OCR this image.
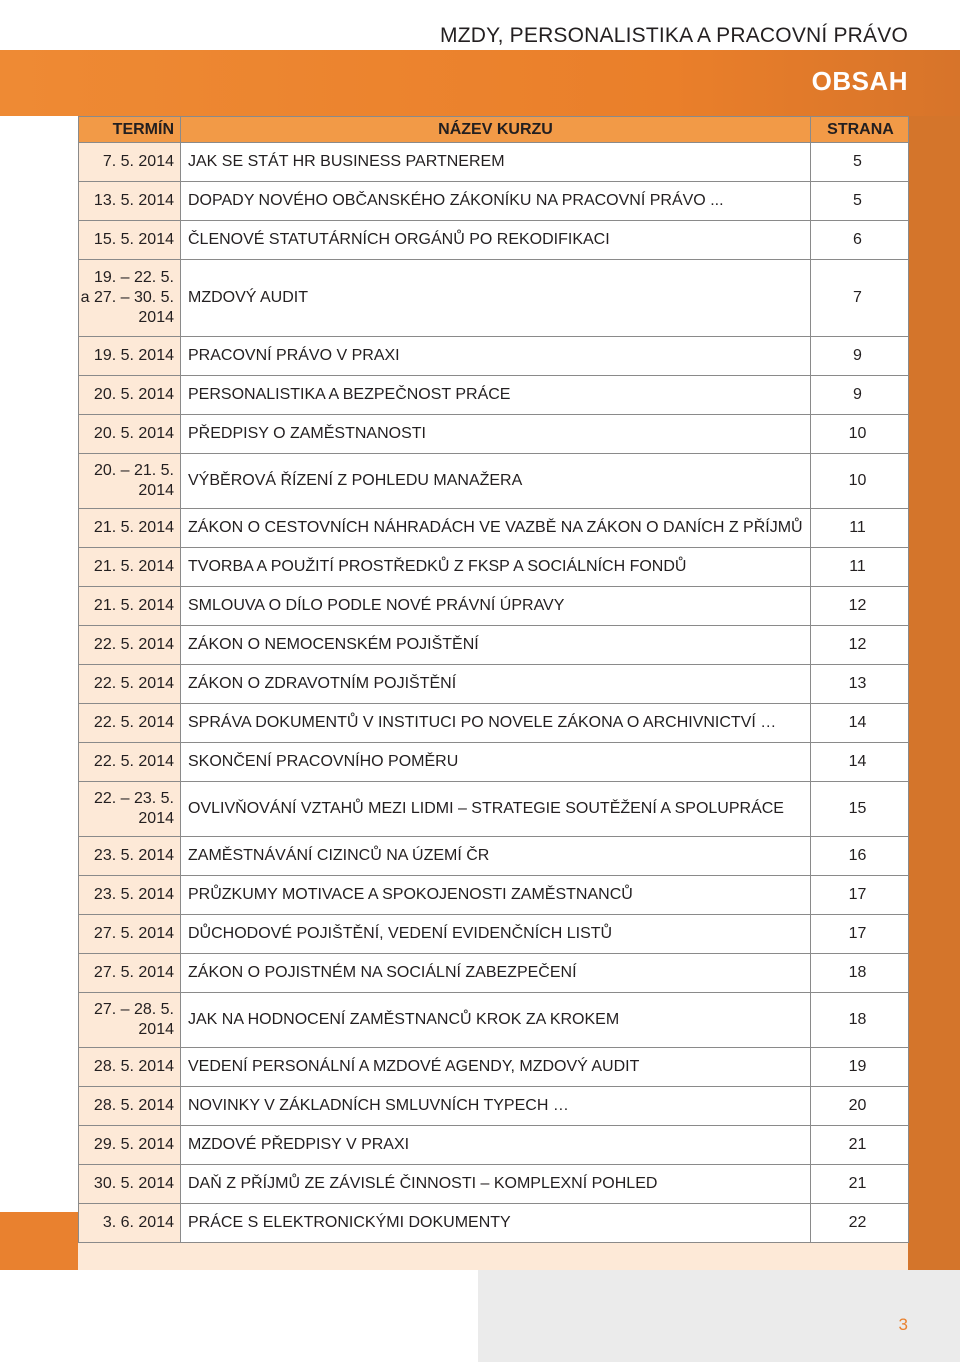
MZDY, PERSONALISTIKA A PRACOVNÍ PRÁVO
OBSAH
TERMÍN	NÁZEV KURZU	STRANA
7. 5. 2014	JAK SE STÁT HR BUSINESS PARTNEREM	5
13. 5. 2014	DOPADY NOVÉHO OBČANSKÉHO ZÁKONÍKU NA PRACOVNÍ PRÁVO ...	5
15. 5. 2014	ČLENOVÉ STATUTÁRNÍCH ORGÁNŮ PO REKODIFIKACI	6

19. – 22. 5.
a 27. – 30. 5.
2014	MZDOVÝ AUDIT	7
19. 5. 2014	PRACOVNÍ PRÁVO V PRAXI	9
20. 5. 2014	PERSONALISTIKA A BEZPEČNOST PRÁCE	9
20. 5. 2014	PŘEDPISY O ZAMĚSTNANOSTI	10

20. – 21. 5.
2014	VÝBĚROVÁ ŘÍZENÍ Z POHLEDU MANAŽERA	10
21. 5. 2014	ZÁKON O CESTOVNÍCH NÁHRADÁCH VE VAZBĚ NA ZÁKON O DANÍCH Z PŘÍJMŮ	11
21. 5. 2014	TVORBA A POUŽITÍ PROSTŘEDKŮ Z FKSP A SOCIÁLNÍCH FONDŮ	11
21. 5. 2014	SMLOUVA O DÍLO PODLE NOVÉ PRÁVNÍ ÚPRAVY	12
22. 5. 2014	ZÁKON O NEMOCENSKÉM POJIŠTĚNÍ	12
22. 5. 2014	ZÁKON O ZDRAVOTNÍM POJIŠTĚNÍ	13
22. 5. 2014	SPRÁVA DOKUMENTŮ V INSTITUCI PO NOVELE ZÁKONA O ARCHIVNICTVÍ …	14
22. 5. 2014	SKONČENÍ PRACOVNÍHO POMĚRU	14

22. – 23. 5.
2014	OVLIVŇOVÁNÍ VZTAHŮ MEZI LIDMI – STRATEGIE SOUTĚŽENÍ A SPOLUPRÁCE	15
23. 5. 2014	ZAMĚSTNÁVÁNÍ CIZINCŮ NA ÚZEMÍ ČR	16
23. 5. 2014	PRŮZKUMY MOTIVACE A SPOKOJENOSTI ZAMĚSTNANCŮ	17
27. 5. 2014	DŮCHODOVÉ POJIŠTĚNÍ, VEDENÍ EVIDENČNÍCH LISTŮ	17
27. 5. 2014	ZÁKON O POJISTNÉM NA SOCIÁLNÍ ZABEZPEČENÍ	18

27. – 28. 5.
2014	JAK NA HODNOCENÍ ZAMĚSTNANCŮ KROK ZA KROKEM	18
28. 5. 2014	VEDENÍ PERSONÁLNÍ A MZDOVÉ AGENDY, MZDOVÝ AUDIT	19
28. 5. 2014	NOVINKY V ZÁKLADNÍCH SMLUVNÍCH TYPECH …	20
29. 5. 2014	MZDOVÉ PŘEDPISY V PRAXI	21
30. 5. 2014	DAŇ Z PŘÍJMŮ ZE ZÁVISLÉ ČINNOSTI – KOMPLEXNÍ POHLED	21
3. 6. 2014	PRÁCE S ELEKTRONICKÝMI DOKUMENTY	22
3
